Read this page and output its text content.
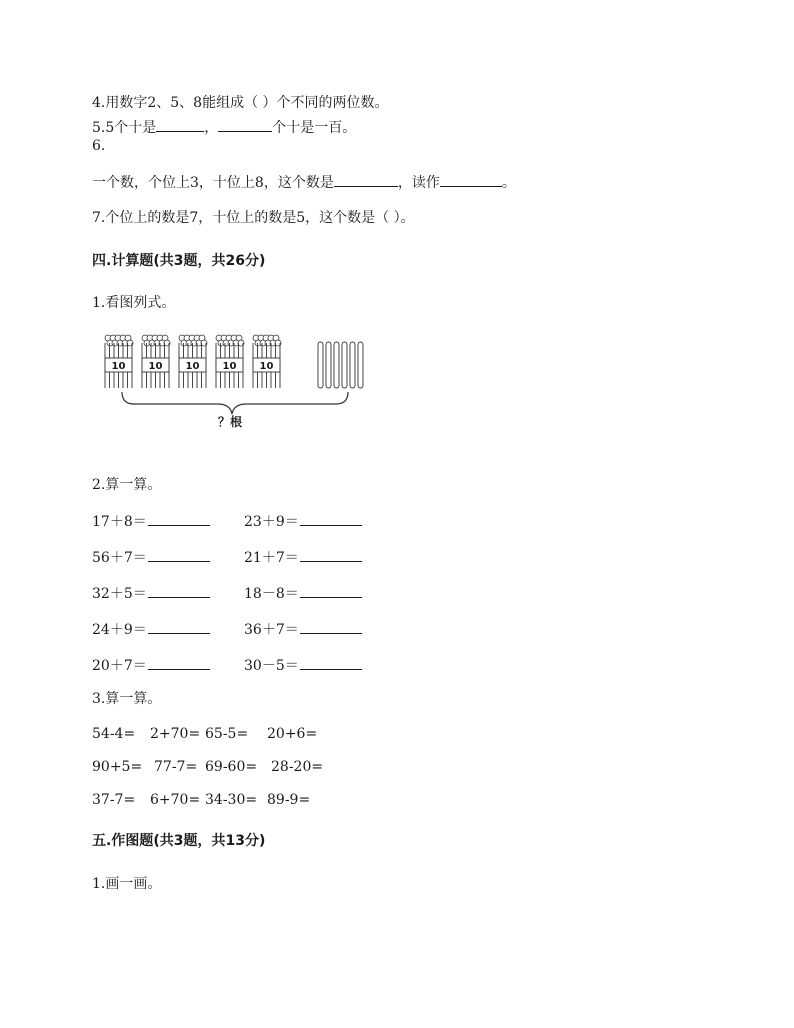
4.用数字2、5、8能组成（ ）个不同的两位数。
5.5个十是	，	个十是一百。
6.
一个数，个位上3，十位上8，这个数是	，读作	。
7.个位上的数是7，十位上的数是5，这个数是（ ）。
四.计算题(共3题，共26分)
1.看图列式。
10 10 10 10 10
？根
2.算一算。
17＋8＝	23＋9＝
56＋7＝	21＋7＝
32＋5＝	18－8＝
24＋9＝	36＋7＝
20＋7＝	30－5＝
3.算一算。
54-4= 2+70= 65-5= 20+6=
90+5= 77-7= 69-60= 28-20=
37-7= 6+70= 34-30= 89-9=
五.作图题(共3题，共13分)
1.画一画。
